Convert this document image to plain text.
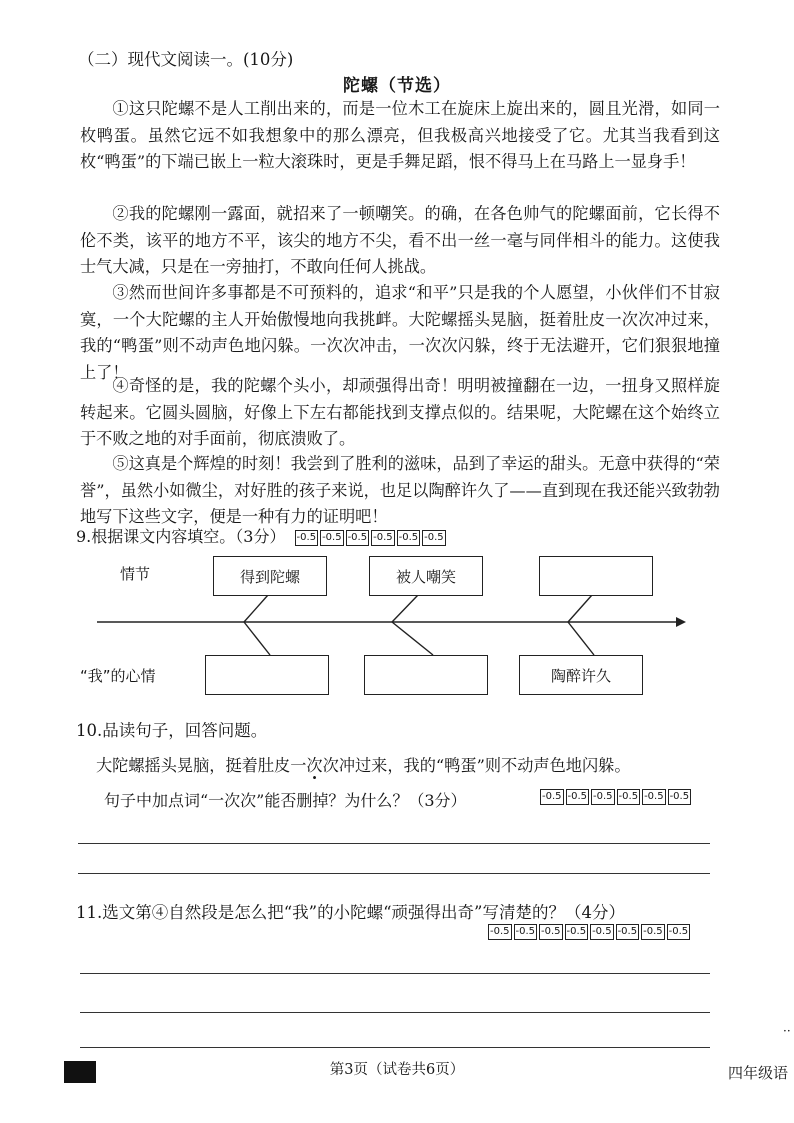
（二）现代文阅读一。(10分)
陀螺（节选）
①这只陀螺不是人工削出来的，而是一位木工在旋床上旋出来的，圆且光滑，如同一枚鸭蛋。虽然它远不如我想象中的那么漂亮，但我极高兴地接受了它。尤其当我看到这枚“鸭蛋”的下端已嵌上一粒大滚珠时，更是手舞足蹈，恨不得马上在马路上一显身手！
②我的陀螺刚一露面，就招来了一顿嘲笑。的确，在各色帅气的陀螺面前，它长得不伦不类，该平的地方不平，该尖的地方不尖，看不出一丝一毫与同伴相斗的能力。这使我士气大减，只是在一旁抽打，不敢向任何人挑战。
③然而世间许多事都是不可预料的，追求“和平”只是我的个人愿望，小伙伴们不甘寂寞，一个大陀螺的主人开始傲慢地向我挑衅。大陀螺摇头晃脑，挺着肚皮一次次冲过来，我的“鸭蛋”则不动声色地闪躲。一次次冲击，一次次闪躲，终于无法避开，它们狠狠地撞上了！
④奇怪的是，我的陀螺个头小，却顽强得出奇！明明被撞翻在一边，一扭身又照样旋转起来。它圆头圆脑，好像上下左右都能找到支撑点似的。结果呢，大陀螺在这个始终立于不败之地的对手面前，彻底溃败了。
⑤这真是个辉煌的时刻！我尝到了胜利的滋味，品到了幸运的甜头。无意中获得的“荣誉”，虽然小如微尘，对好胜的孩子来说，也足以陶醉许久了——直到现在我还能兴致勃勃地写下这些文字，便是一种有力的证明吧！
9.根据课文内容填空。（3分） -0.5 -0.5 -0.5 -0.5 -0.5 -0.5
情节
“我”的心情
得到陀螺	被人嘲笑
陶醉许久
10.品读句子，回答问题。
大陀螺摇头晃脑，挺着肚皮一次次冲过来，我的“鸭蛋”则不动声色地闪躲。
句子中加点词“一次次”能否删掉？为什么？（3分）	-0.5 -0.5 -0.5 -0.5 -0.5 -0.5
11.选文第④自然段是怎么把“我”的小陀螺“顽强得出奇”写清楚的？（4分）
-0.5 -0.5 -0.5 -0.5 -0.5 -0.5 -0.5 -0.5
第3页（试卷共6页）	四年级语
··
